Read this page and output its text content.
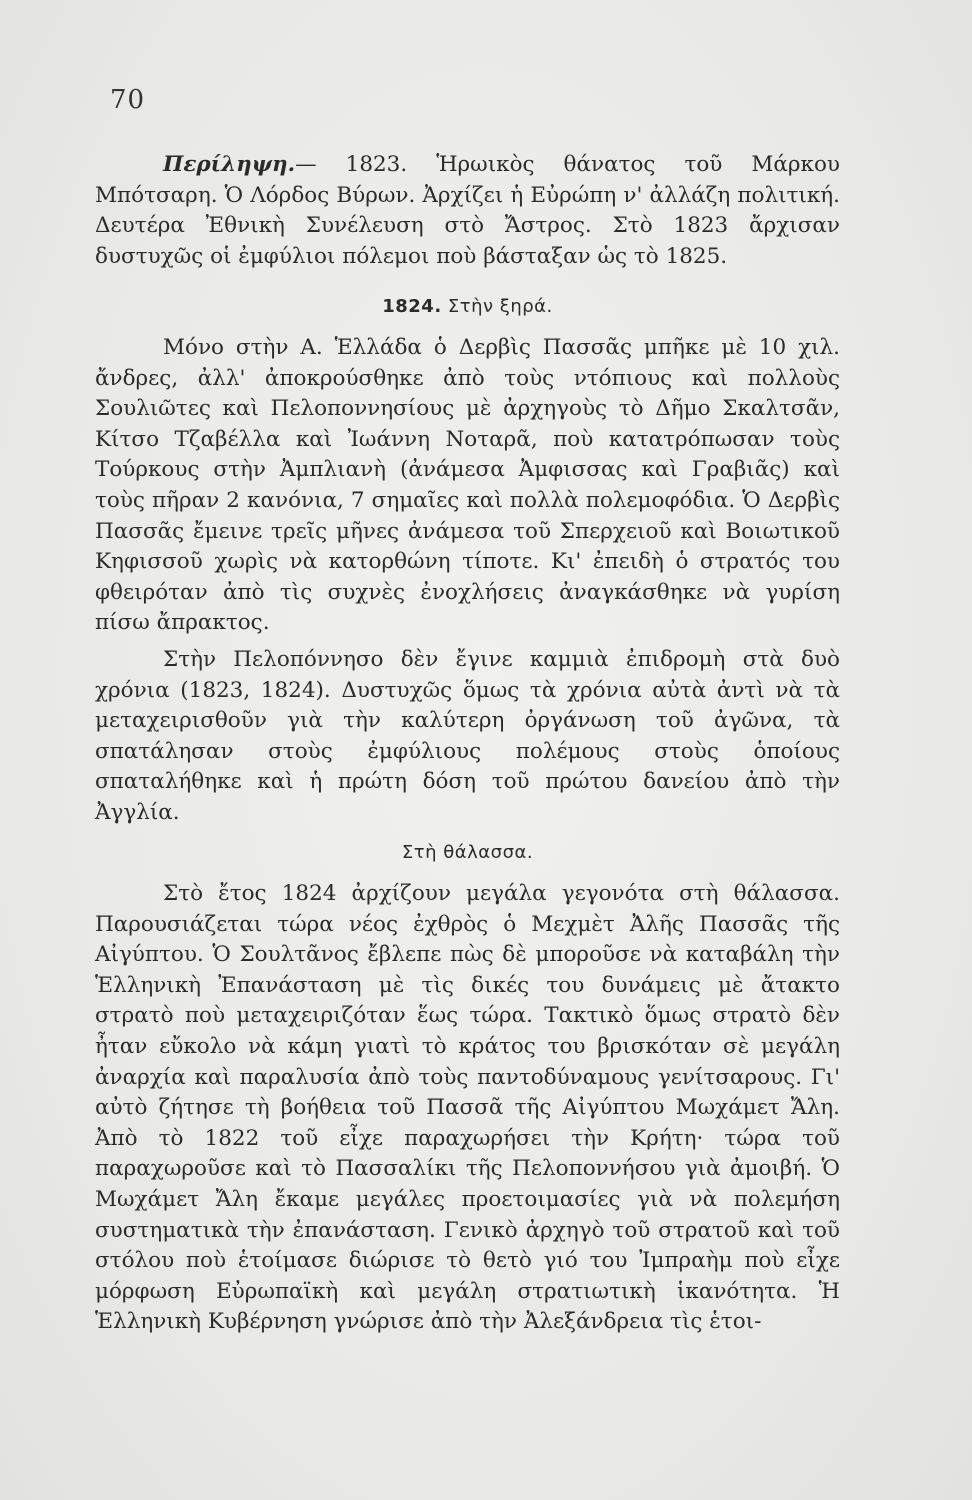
70

Περίληψη.— 1823. Ἡρωικὸς θάνατος τοῦ Μάρκου Μπότσαρη. Ὁ Λόρδος Βύρων. Ἀρχίζει ἡ Εὐρώπη ν' ἀλλάζη πολιτική. Δευτέρα Ἐθνικὴ Συνέλευση στὸ Ἄστρος. Στὸ 1823 ἄρχισαν δυστυχῶς οἱ ἐμφύλιοι πόλεμοι ποὺ βάσταξαν ὡς τὸ 1825.

1824. Στὴν ξηρά.

Μόνο στὴν Α. Ἑλλάδα ὁ Δερβὶς Πασσᾶς μπῆκε μὲ 10 χιλ. ἄνδρες, ἀλλ' ἀποκρούσθηκε ἀπὸ τοὺς ντόπιους καὶ πολλοὺς Σουλιῶτες καὶ Πελοποννησίους μὲ ἀρχηγοὺς τὸ Δῆμο Σκαλτσᾶν, Κίτσο Τζαβέλλα καὶ Ἰωάννη Νοταρᾶ, ποὺ κατατρόπωσαν τοὺς Τούρκους στὴν Ἀμπλιανὴ (ἀνάμεσα Ἀμφισσας καὶ Γραβιᾶς) καὶ τοὺς πῆραν 2 κανόνια, 7 σημαῖες καὶ πολλὰ πολεμοφόδια. Ὁ Δερβὶς Πασσᾶς ἔμεινε τρεῖς μῆνες ἀνάμεσα τοῦ Σπερχειοῦ καὶ Βοιωτικοῦ Κηφισσοῦ χωρὶς νὰ κατορθώνη τίποτε. Κι' ἐπειδὴ ὁ στρατός του φθειρόταν ἀπὸ τὶς συχνὲς ἐνοχλήσεις ἀναγκάσθηκε νὰ γυρίση πίσω ἄπρακτος.

Στὴν Πελοπόννησο δὲν ἔγινε καμμιὰ ἐπιδρομὴ στὰ δυὸ χρόνια (1823, 1824). Δυστυχῶς ὅμως τὰ χρόνια αὐτὰ ἀντὶ νὰ τὰ μεταχειρισθοῦν γιὰ τὴν καλύτερη ὀργάνωση τοῦ ἀγῶνα, τὰ σπατάλησαν στοὺς ἐμφύλιους πολέμους στοὺς ὁποίους σπαταλήθηκε καὶ ἡ πρώτη δόση τοῦ πρώτου δανείου ἀπὸ τὴν Ἀγγλία.

Στὴ θάλασσα.

Στὸ ἔτος 1824 ἀρχίζουν μεγάλα γεγονότα στὴ θάλασσα. Παρουσιάζεται τώρα νέος ἐχθρὸς ὁ Μεχμὲτ Ἀλῆς Πασσᾶς τῆς Αἰγύπτου. Ὁ Σουλτᾶνος ἔβλεπε πὼς δὲ μποροῦσε νὰ καταβάλη τὴν Ἑλληνικὴ Ἐπανάσταση μὲ τὶς δικές του δυνάμεις μὲ ἄτακτο στρατὸ ποὺ μεταχειριζόταν ἕως τώρα. Τακτικὸ ὅμως στρατὸ δὲν ἦταν εὔκολο νὰ κάμη γιατὶ τὸ κράτος του βρισκόταν σὲ μεγάλη ἀναρχία καὶ παραλυσία ἀπὸ τοὺς παντοδύναμους γενίτσαρους. Γι' αὐτὸ ζήτησε τὴ βοήθεια τοῦ Πασσᾶ τῆς Αἰγύπτου Μωχάμετ Ἄλη. Ἀπὸ τὸ 1822 τοῦ εἶχε παραχωρήσει τὴν Κρήτη· τώρα τοῦ παραχωροῦσε καὶ τὸ Πασσαλίκι τῆς Πελοποννήσου γιὰ ἀμοιβή. Ὁ Μωχάμετ Ἄλη ἔκαμε μεγάλες προετοιμασίες γιὰ νὰ πολεμήση συστηματικὰ τὴν ἐπανάσταση. Γενικὸ ἀρχηγὸ τοῦ στρατοῦ καὶ τοῦ στόλου ποὺ ἑτοίμασε διώρισε τὸ θετὸ γιό του Ἰμπραὴμ ποὺ εἶχε μόρφωση Εὐρωπαϊκὴ καὶ μεγάλη στρατιωτικὴ ἱκανότητα. Ἡ Ἑλληνικὴ Κυβέρνηση γνώρισε ἀπὸ τὴν Ἀλεξάνδρεια τὶς ἑτοι-
